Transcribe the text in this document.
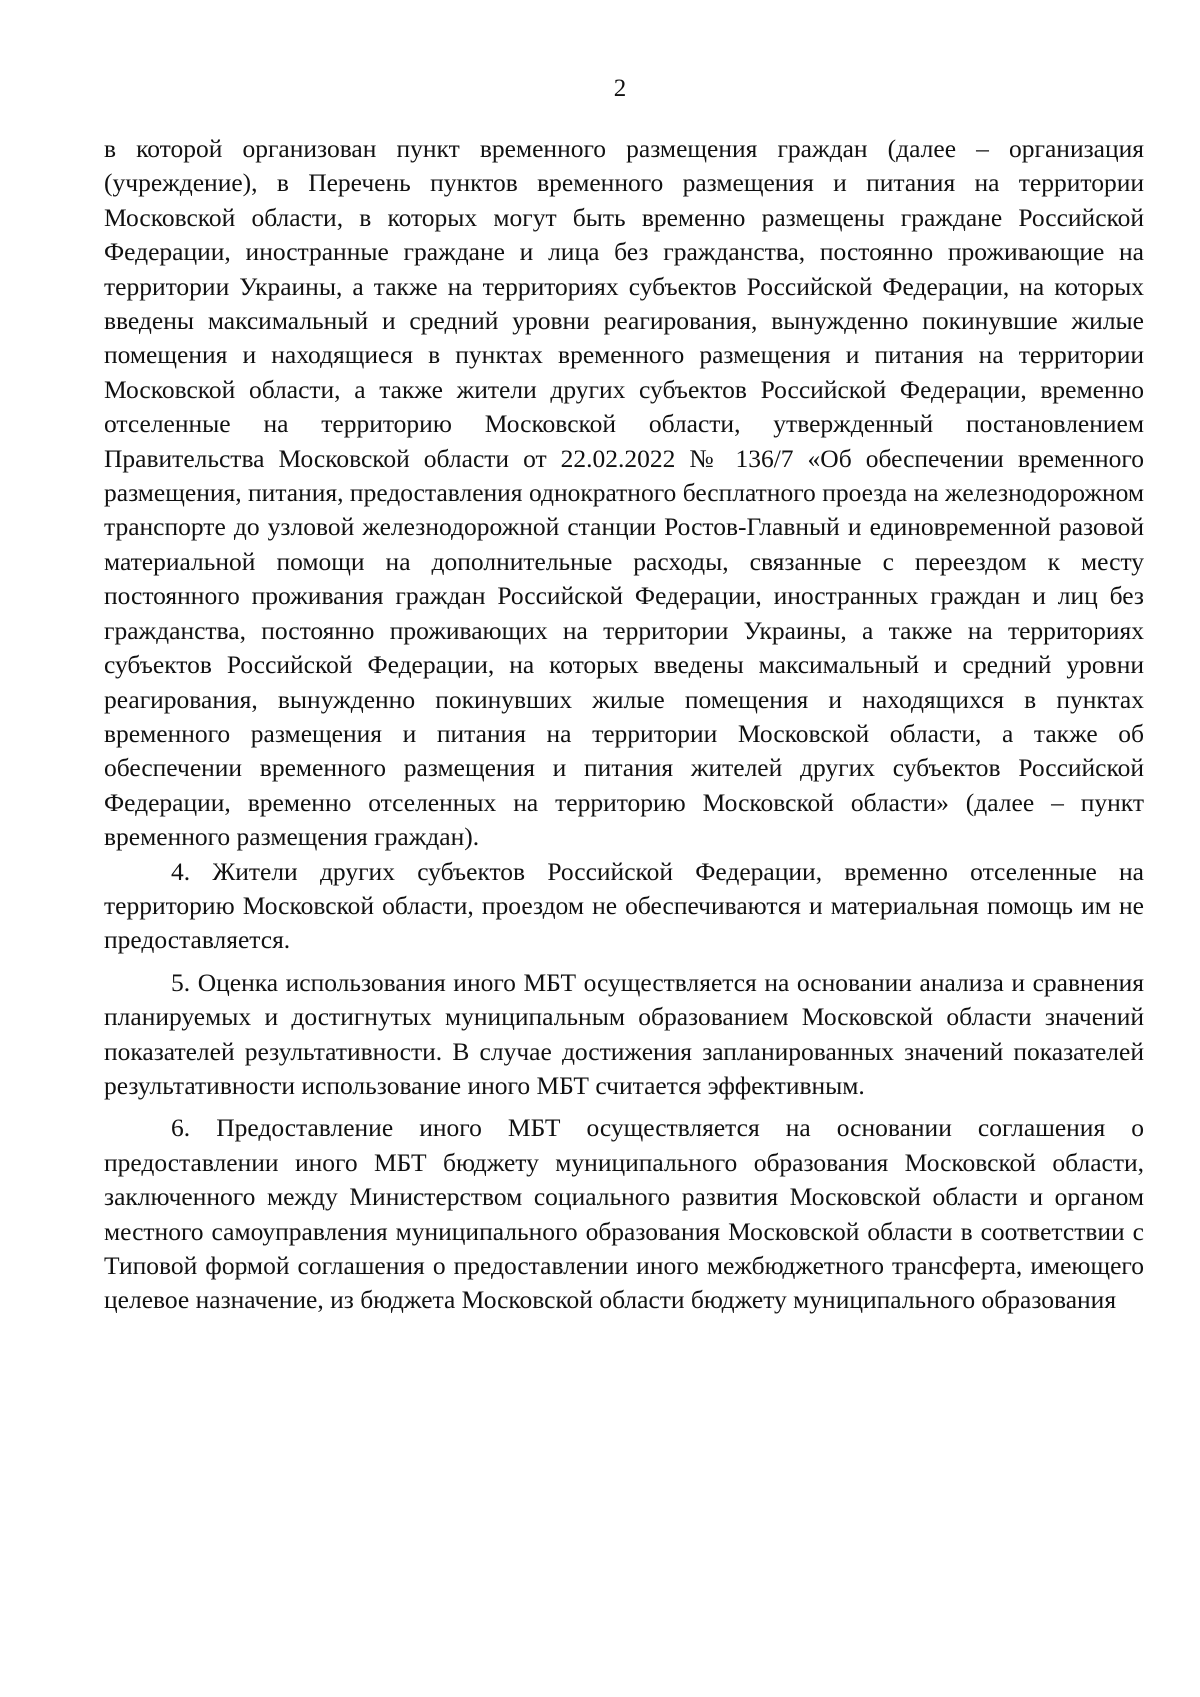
2

в которой организован пункт временного размещения граждан (далее – организация (учреждение), в Перечень пунктов временного размещения и питания на территории Московской области, в которых могут быть временно размещены граждане Российской Федерации, иностранные граждане и лица без гражданства, постоянно проживающие на территории Украины, а также на территориях субъектов Российской Федерации, на которых введены максимальный и средний уровни реагирования, вынужденно покинувшие жилые помещения и находящиеся в пунктах временного размещения и питания на территории Московской области, а также жители других субъектов Российской Федерации, временно отселенные на территорию Московской области, утвержденный постановлением Правительства Московской области от 22.02.2022 № 136/7 «Об обеспечении временного размещения, питания, предоставления однократного бесплатного проезда на железнодорожном транспорте до узловой железнодорожной станции Ростов-Главный и единовременной разовой материальной помощи на дополнительные расходы, связанные с переездом к месту постоянного проживания граждан Российской Федерации, иностранных граждан и лиц без гражданства, постоянно проживающих на территории Украины, а также на территориях субъектов Российской Федерации, на которых введены максимальный и средний уровни реагирования, вынужденно покинувших жилые помещения и находящихся в пунктах временного размещения и питания на территории Московской области, а также об обеспечении временного размещения и питания жителей других субъектов Российской Федерации, временно отселенных на территорию Московской области» (далее – пункт временного размещения граждан).

4. Жители других субъектов Российской Федерации, временно отселенные на территорию Московской области, проездом не обеспечиваются и материальная помощь им не предоставляется.

5. Оценка использования иного МБТ осуществляется на основании анализа и сравнения планируемых и достигнутых муниципальным образованием Московской области значений показателей результативности. В случае достижения запланированных значений показателей результативности использование иного МБТ считается эффективным.

6. Предоставление иного МБТ осуществляется на основании соглашения о предоставлении иного МБТ бюджету муниципального образования Московской области, заключенного между Министерством социального развития Московской области и органом местного самоуправления муниципального образования Московской области в соответствии с Типовой формой соглашения о предоставлении иного межбюджетного трансферта, имеющего целевое назначение, из бюджета Московской области бюджету муниципального образования
